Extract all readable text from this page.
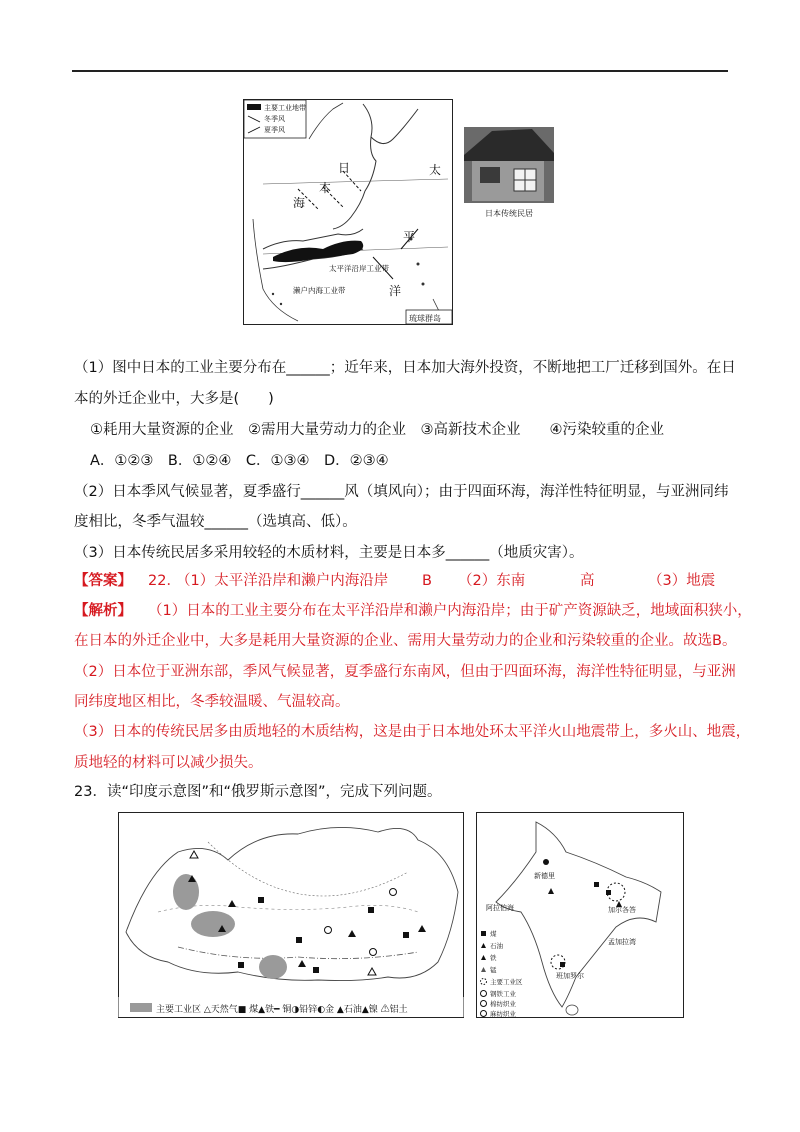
主要工业地带
冬季风
夏季风
日
本
海
太
平
洋
太平洋沿岸工业带
濑户内海工业带
琉球群岛
日本传统民居
（1）图中日本的工业主要分布在______；近年来，日本加大海外投资，不断地把工厂迁移到国外。在日
本的外迁企业中，大多是(　　)
①耗用大量资源的企业　②需用大量劳动力的企业　③高新技术企业　　④污染较重的企业
A．①②③　B．①②④　C．①③④　D．②③④
（2）日本季风气候显著，夏季盛行______风（填风向）；由于四面环海，海洋性特征明显，与亚洲同纬
度相比，冬季气温较______（选填高、低）。
（3）日本传统民居多采用较轻的木质材料，主要是日本多______（地质灾害）。
【答案】 22．
（1）太平洋沿岸和濑户内海沿岸 B （2）东南	高	（3）地震
【解析】 （1）日本的工业主要分布在太平洋沿岸和濑户内海沿岸；由于矿产资源缺乏，地域面积狭小，
在日本的外迁企业中，大多是耗用大量资源的企业、需用大量劳动力的企业和污染较重的企业。故选B。
（2）日本位于亚洲东部，季风气候显著，夏季盛行东南风，但由于四面环海，海洋性特征明显，与亚洲
同纬度地区相比，冬季较温暖、气温较高。
（3）日本的传统民居多由质地轻的木质结构，这是由于日本地处环太平洋火山地震带上，多火山、地震，
质地轻的材料可以减少损失。
23．读“印度示意图”和“俄罗斯示意图”，完成下列问题。
主要工业区 △天然气■ 煤▲铁━ 铜◑铅锌◐金 ▲石油▲镍 ⚠铝土
新德里
加尔各答
班加罗尔
阿拉伯海
孟加拉湾
煤
石油
铁
锰
主要工业区
钢铁工业
棉纺织业
麻纺织业
